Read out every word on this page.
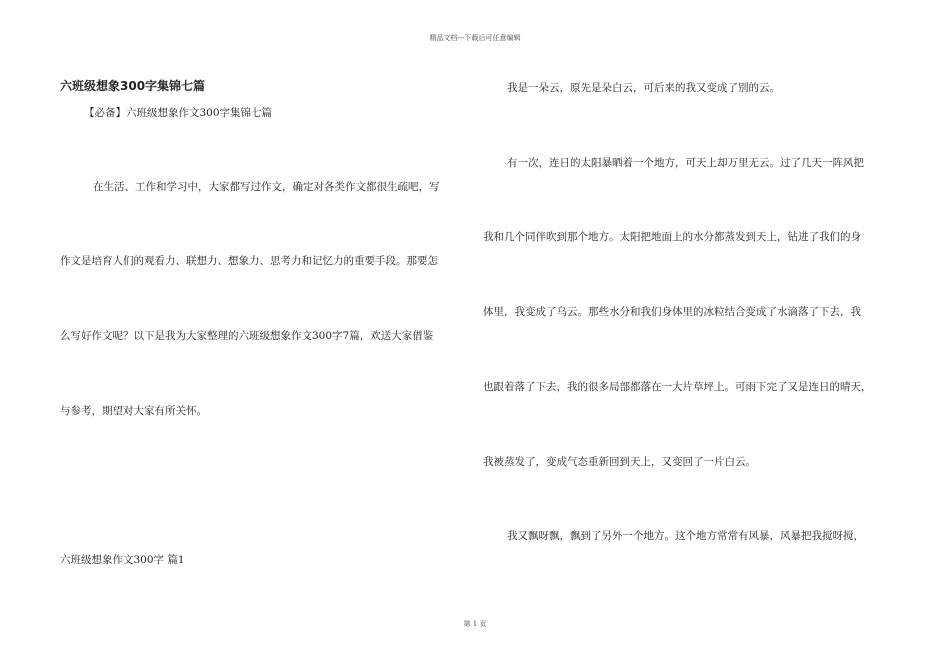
精品文档---下载后可任意编辑
六班级想象300字集锦七篇
【必备】六班级想象作文300字集锦七篇
在生活、工作和学习中，大家都写过作文，确定对各类作文都很生疏吧，写
作文是培育人们的观看力、联想力、想象力、思考力和记忆力的重要手段。那要怎
么写好作文呢？以下是我为大家整理的六班级想象作文300字7篇，欢送大家借鉴
与参考，期望对大家有所关怀。
六班级想象作文300字 篇1
我是一朵云，原先是朵白云，可后来的我又变成了别的云。
有一次，连日的太阳暴晒着一个地方，可天上却万里无云。过了几天一阵风把
我和几个同伴吹到那个地方。太阳把地面上的水分都蒸发到天上，钻进了我们的身
体里，我变成了乌云。那些水分和我们身体里的冰粒结合变成了水滴落了下去，我
也跟着落了下去，我的很多局部都落在一大片草坪上。可雨下完了又是连日的晴天，
我被蒸发了，变成气态重新回到天上，又变回了一片白云。
我又飘呀飘，飘到了另外一个地方。这个地方常常有风暴，风暴把我搅呀搅，
第 1 页
